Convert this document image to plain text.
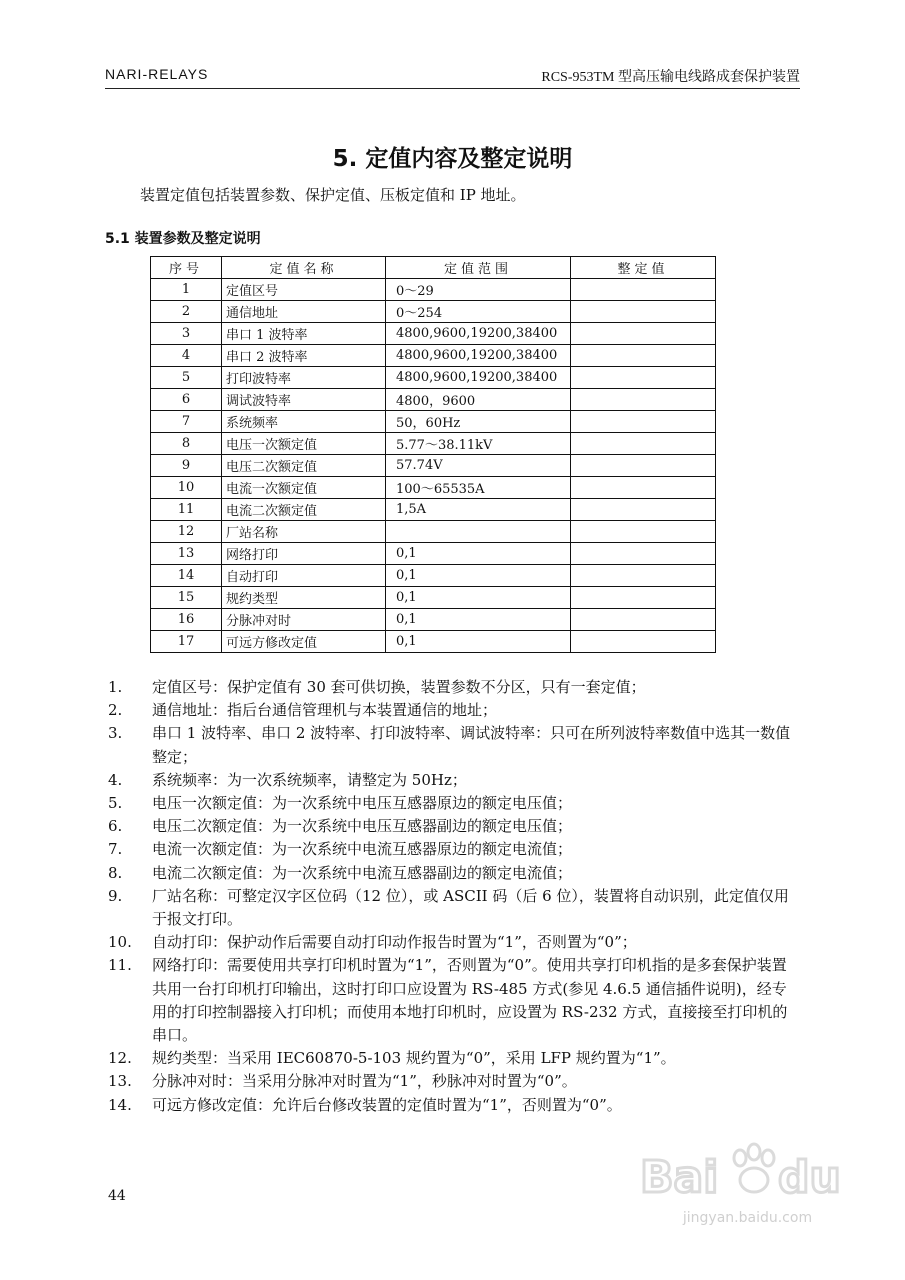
NARI-RELAYS	RCS-953TM 型高压输电线路成套保护装置
5. 定值内容及整定说明
装置定值包括装置参数、保护定值、压板定值和 IP 地址。
5.1 装置参数及整定说明
序号	定值名称	定值范围	整定值
1	定值区号	0～29	
2	通信地址	0～254	
3	串口 1 波特率	4800,9600,19200,38400	
4	串口 2 波特率	4800,9600,19200,38400	
5	打印波特率	4800,9600,19200,38400	
6	调试波特率	4800，9600	
7	系统频率	50，60Hz	
8	电压一次额定值	5.77～38.11kV	
9	电压二次额定值	57.74V	
10	电流一次额定值	100～65535A	
11	电流二次额定值	1,5A	
12	厂站名称		
13	网络打印	0,1	
14	自动打印	0,1	
15	规约类型	0,1	
16	分脉冲对时	0,1	
17	可远方修改定值	0,1	
1.	定值区号：保护定值有 30 套可供切换，装置参数不分区，只有一套定值；
2.	通信地址：指后台通信管理机与本装置通信的地址；
3.	串口 1 波特率、串口 2 波特率、打印波特率、调试波特率：只可在所列波特率数值中选其一数值整定；
4.	系统频率：为一次系统频率，请整定为 50Hz；
5.	电压一次额定值：为一次系统中电压互感器原边的额定电压值；
6.	电压二次额定值：为一次系统中电压互感器副边的额定电压值；
7.	电流一次额定值：为一次系统中电流互感器原边的额定电流值；
8.	电流二次额定值：为一次系统中电流互感器副边的额定电流值；
9.	厂站名称：可整定汉字区位码（12 位），或 ASCII 码（后 6 位），装置将自动识别，此定值仅用于报文打印。
10.	自动打印：保护动作后需要自动打印动作报告时置为“1”，否则置为“0”；
11.	网络打印：需要使用共享打印机时置为“1”，否则置为“0”。使用共享打印机指的是多套保护装置共用一台打印机打印输出，这时打印口应设置为 RS-485 方式(参见 4.6.5 通信插件说明)，经专用的打印控制器接入打印机；而使用本地打印机时，应设置为 RS-232 方式，直接接至打印机的串口。
12.	规约类型：当采用 IEC60870-5-103 规约置为“0”，采用 LFP 规约置为“1”。
13.	分脉冲对时：当采用分脉冲对时置为“1”，秒脉冲对时置为“0”。
14.	可远方修改定值：允许后台修改装置的定值时置为“1”，否则置为“0”。
44	Bai du
jingyan.baidu.com
